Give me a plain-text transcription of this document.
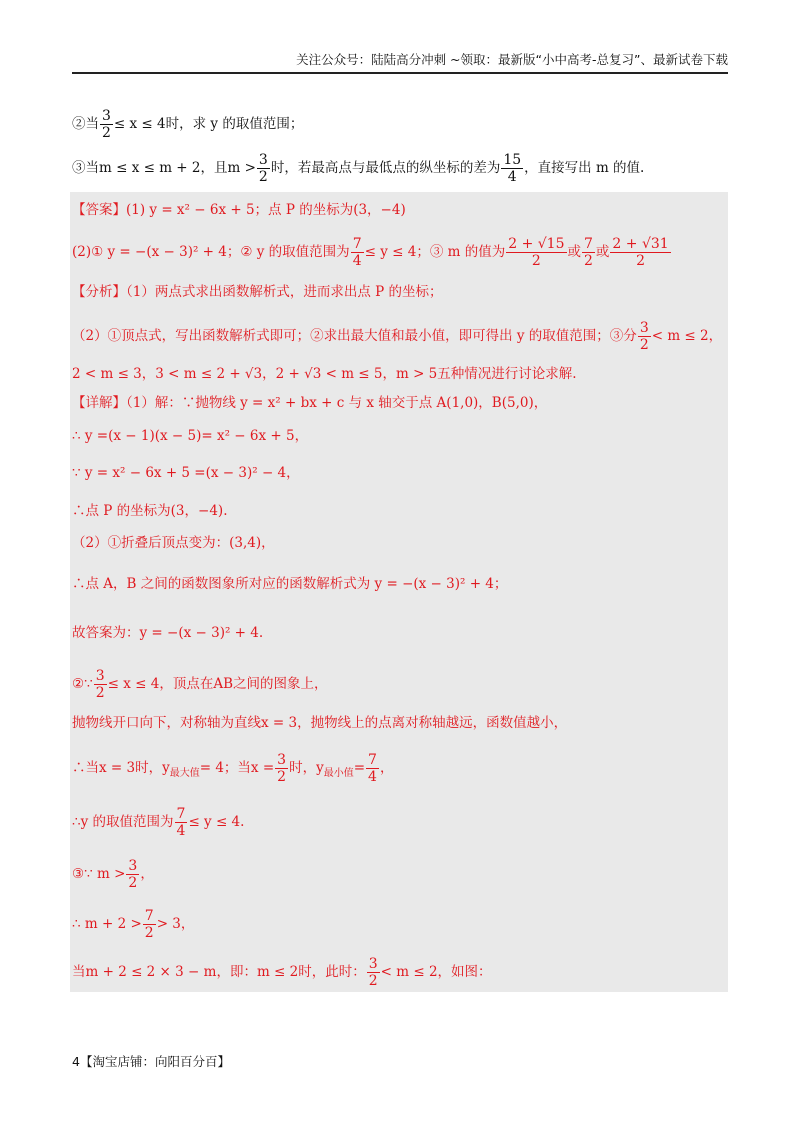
关注公众号：陆陆高分冲刺 ~领取：最新版“小中高考-总复习”、最新试卷下载
②当 $\frac{3}{2} \le x \le 4$时，求 y 的取值范围；
③当m ≤ x ≤ m + 2，且$m > \frac{3}{2}$ 时，若最高点与最低点的纵坐标的差为 $\frac{15}{4}$ ，直接写出 m 的值.
【答案】(1) y = x² − 6x + 5；点 P 的坐标为(3，−4)
(2)① y = −(x − 3)² + 4；② y 的取值范围为 $\frac{7}{4} \le y \le 4$；③ m 的值为 $\frac{2 + √15}{2}$ 或 $\frac{7}{2}$ 或 $\frac{2 + √31}{2}$
【分析】（1）两点式求出函数解析式，进而求出点 P 的坐标；
（2）①顶点式，写出函数解析式即可；②求出最大值和最小值，即可得出 y 的取值范围；③分 $\frac{3}{2} < m \le 2$，
2 < m ≤ 3，3 < m ≤ 2 + √3，2 + √3 < m ≤ 5，m > 5五种情况进行讨论求解.
【详解】（1）解：∵抛物线 y = x² + bx + c 与 x 轴交于点 A(1,0)，B(5,0)，
∴ y =(x − 1)(x − 5)= x² − 6x + 5，
∵ y = x² − 6x + 5 =(x − 3)² − 4，
∴点 P 的坐标为(3，−4).
（2）①折叠后顶点变为：(3,4)，
∴点 A，B 之间的函数图象所对应的函数解析式为 y = −(x − 3)² + 4；
故答案为：y = −(x − 3)² + 4.
②∵ $\frac{3}{2} \le x \le 4$，顶点在AB之间的图象上，
抛物线开口向下，对称轴为直线x = 3，抛物线上的点离对称轴越远，函数值越小，
∴当x = 3时，$y_{最大值}= 4$；当$x = \frac{3}{2}$ 时，$y_{最小值}= \frac{7}{4}$ ，
∴y 的取值范围为 $\frac{7}{4} \le y \le 4$.
③∵ $m > \frac{3}{2}$ ，
∴ $m + 2 > \frac{7}{2} > 3$，
当m + 2 ≤ 2 × 3 − m，即：m ≤ 2时，此时： $\frac{3}{2} < m \le 2$，如图：
4【淘宝店铺：向阳百分百】
